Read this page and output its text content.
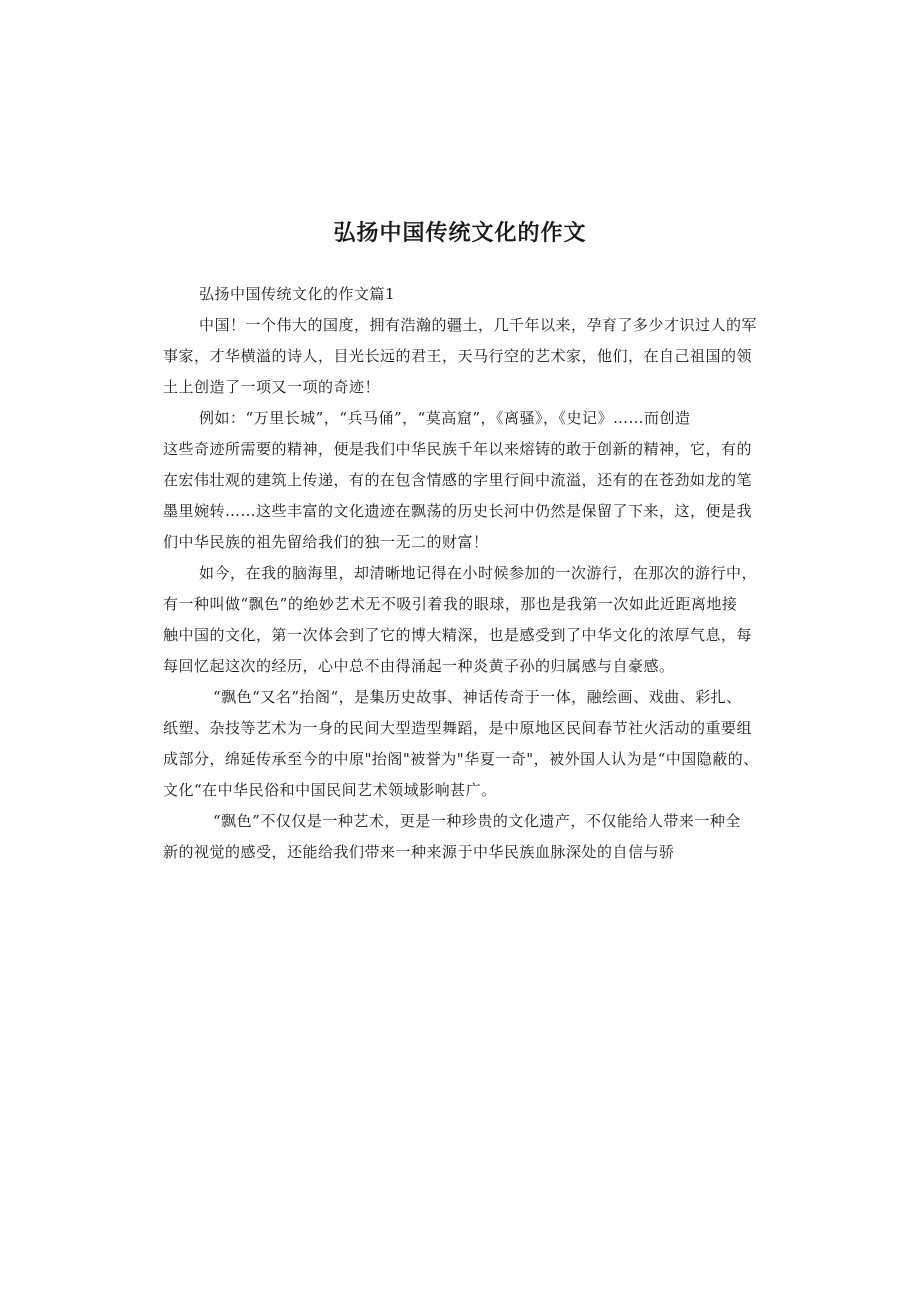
弘扬中国传统文化的作文
弘扬中国传统文化的作文篇1
中国！一个伟大的国度，拥有浩瀚的疆土，几千年以来，孕育了多少才识过人的军
事家，才华横溢的诗人，目光长远的君王，天马行空的艺术家，他们，在自己祖国的领
土上创造了一项又一项的奇迹！
例如：“万里长城”，“兵马俑”，“莫高窟”，《离骚》，《史记》……而创造
这些奇迹所需要的精神，便是我们中华民族千年以来熔铸的敢于创新的精神，它，有的
在宏伟壮观的建筑上传递，有的在包含情感的字里行间中流溢，还有的在苍劲如龙的笔
墨里婉转……这些丰富的文化遗迹在飘荡的历史长河中仍然是保留了下来，这，便是我
们中华民族的祖先留给我们的独一无二的财富！
如今，在我的脑海里，却清晰地记得在小时候参加的一次游行，在那次的游行中，
有一种叫做“飘色”的绝妙艺术无不吸引着我的眼球，那也是我第一次如此近距离地接
触中国的文化，第一次体会到了它的博大精深，也是感受到了中华文化的浓厚气息，每
每回忆起这次的经历，心中总不由得涌起一种炎黄子孙的归属感与自豪感。
“飘色“又名”抬阁“，是集历史故事、神话传奇于一体，融绘画、戏曲、彩扎、
纸塑、杂技等艺术为一身的民间大型造型舞蹈，是中原地区民间春节社火活动的重要组
成部分，绵延传承至今的中原"抬阁"被誉为"华夏一奇"，被外国人认为是“中国隐蔽的、
文化“在中华民俗和中国民间艺术领域影响甚广。
“飘色”不仅仅是一种艺术，更是一种珍贵的文化遗产，不仅能给人带来一种全
新的视觉的感受，还能给我们带来一种来源于中华民族血脉深处的自信与骄
